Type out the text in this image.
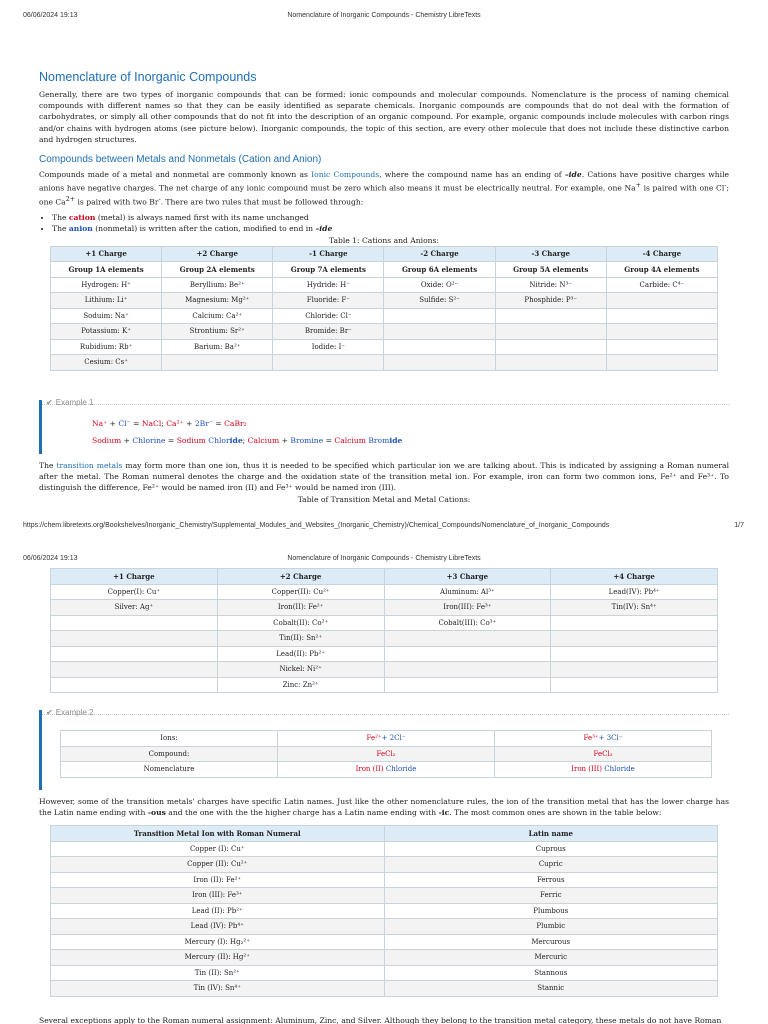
06/06/2024 19:13	Nomenclature of Inorganic Compounds - Chemistry LibreTexts
Nomenclature of Inorganic Compounds

Generally, there are two types of inorganic compounds that can be formed: ionic compounds and molecular compounds. Nomenclature is the process of naming chemical compounds with different names so that they can be easily identified as separate chemicals. Inorganic compounds are compounds that do not deal with the formation of carbohydrates, or simply all other compounds that do not fit into the description of an organic compound. For example, organic compounds include molecules with carbon rings and/or chains with hydrogen atoms (see picture below). Inorganic compounds, the topic of this section, are every other molecule that does not include these distinctive carbon and hydrogen structures.

Compounds between Metals and Nonmetals (Cation and Anion)

Compounds made of a metal and nonmetal are commonly known as Ionic Compounds, where the compound name has an ending of –ide. Cations have positive charges while anions have negative charges. The net charge of any ionic compound must be zero which also means it must be electrically neutral. For example, one Na+ is paired with one Cl-; one $Ca^{2+}$ is paired with two Br-. There are two rules that must be followed through:

• The cation (metal) is always named first with its name unchanged
• The anion (nonmetal) is written after the cation, modified to end in –ide
Table 1: Cations and Anions:
+1 Charge	+2 Charge	-1 Charge	-2 Charge	-3 Charge	-4 Charge
Group 1A elements	Group 2A elements	Group 7A elements	Group 6A elements	Group 5A elements	Group 4A elements
Hydrogen: H⁺	Beryllium: Be²⁺	Hydride: H⁻	Oxide: O²⁻	Nitride: N³⁻	Carbide: C⁴⁻
Lithium: Li⁺	Magnesium: Mg²⁺	Fluoride: F⁻	Sulfide: S²⁻	Phosphide: P³⁻	
Soduim: Na⁺	Calcium: Ca²⁺	Chloride: Cl⁻			
Potassium: K⁺	Strontium: Sr²⁺	Bromide: Br⁻			
Rubidium: Rb⁺	Barium: Ba²⁺	Iodide: I⁻			
Cesium: Cs⁺					
✔ Example 1
Na⁺ + Cl⁻ = NaCl; Ca²⁺ + 2Br⁻ = CaBr₂
Sodium + Chlorine = Sodium Chloride; Calcium + Bromine = Calcium Bromide

The transition metals may form more than one ion, thus it is needed to be specified which particular ion we are talking about. This is indicated by assigning a Roman numeral after the metal. The Roman numeral denotes the charge and the oxidation state of the transition metal ion. For example, iron can form two common ions, Fe²⁺ and Fe³⁺. To distinguish the difference, Fe²⁺ would be named iron (II) and Fe³⁺ would be named iron (III).

Table of Transition Metal and Metal Cations:
https://chem.libretexts.org/Bookshelves/Inorganic_Chemistry/Supplemental_Modules_and_Websites_(Inorganic_Chemistry)/Chemical_Compounds/Nomenclature_of_Inorganic_Compounds	1/7
06/06/2024 19:13	Nomenclature of Inorganic Compounds - Chemistry LibreTexts
+1 Charge	+2 Charge	+3 Charge	+4 Charge
Copper(I): Cu⁺	Copper(II): Cu²⁺	Aluminum: Al³⁺	Lead(IV): Pb⁴⁺
Silver: Ag⁺	Iron(II): Fe²⁺	Iron(III): Fe³⁺	Tin(IV): Sn⁴⁺
	Cobalt(II): Co²⁺	Cobalt(III): Co³⁺	
	Tin(II): Sn²⁺		
	Lead(II): Pb²⁺		
	Nickel: Ni²⁺		
	Zinc: Zn²⁺		
✔ Example 2
Ions:	Fe²⁺+ 2Cl⁻	Fe³⁺+ 3Cl⁻
Compound:	FeCl₂	FeCl₃
Nomenclature	Iron (II) Chloride	Iron (III) Chloride

However, some of the transition metals' charges have specific Latin names. Just like the other nomenclature rules, the ion of the transition metal that has the lower charge has the Latin name ending with -ous and the one with the the higher charge has a Latin name ending with -ic. The most common ones are shown in the table below:

Transition Metal Ion with Roman Numeral	Latin name
Copper (I): Cu⁺	Cuprous
Copper (II): Cu²⁺	Cupric
Iron (II): Fe²⁺	Ferrous
Iron (III): Fe³⁺	Ferric
Lead (II): Pb²⁺	Plumbous
Lead (IV): Pb⁴⁺	Plumbic
Mercury (I): Hg₂²⁺	Mercurous
Mercury (II): Hg²⁺	Mercuric
Tin (II): Sn²⁺	Stannous
Tin (IV): Sn⁴⁺	Stannic

Several exceptions apply to the Roman numeral assignment: Aluminum, Zinc, and Silver. Although they belong to the transition metal category, these metals do not have Roman
